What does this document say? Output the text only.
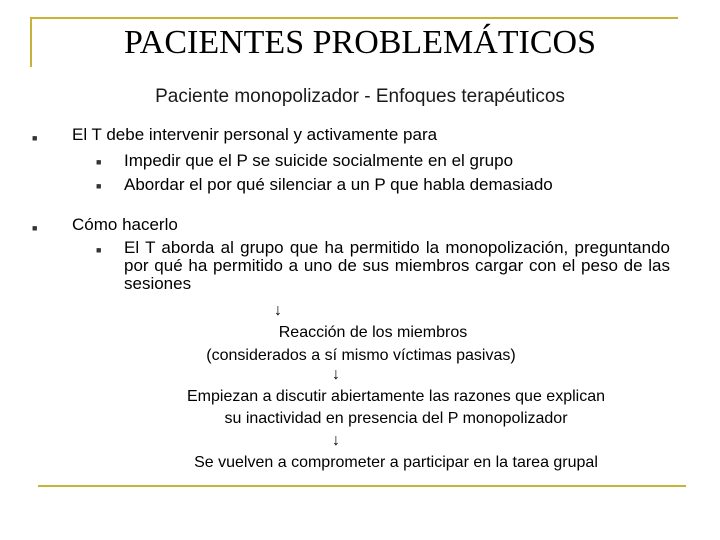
PACIENTES PROBLEMÁTICOS
Paciente monopolizador - Enfoques terapéuticos
■ El T debe intervenir personal y activamente para
■ Impedir que el P se suicide socialmente en el grupo
■ Abordar el por qué silenciar a un P que habla demasiado
■ Cómo hacerlo
■ El T aborda al grupo que ha permitido la monopolización, preguntando por qué ha permitido a uno de sus miembros cargar con el peso de las sesiones
↓
Reacción de los miembros
(considerados a sí mismo víctimas pasivas)
↓
Empiezan a discutir abiertamente las razones que explican
su inactividad en presencia del P monopolizador
↓
Se vuelven a comprometer a participar en la tarea grupal
